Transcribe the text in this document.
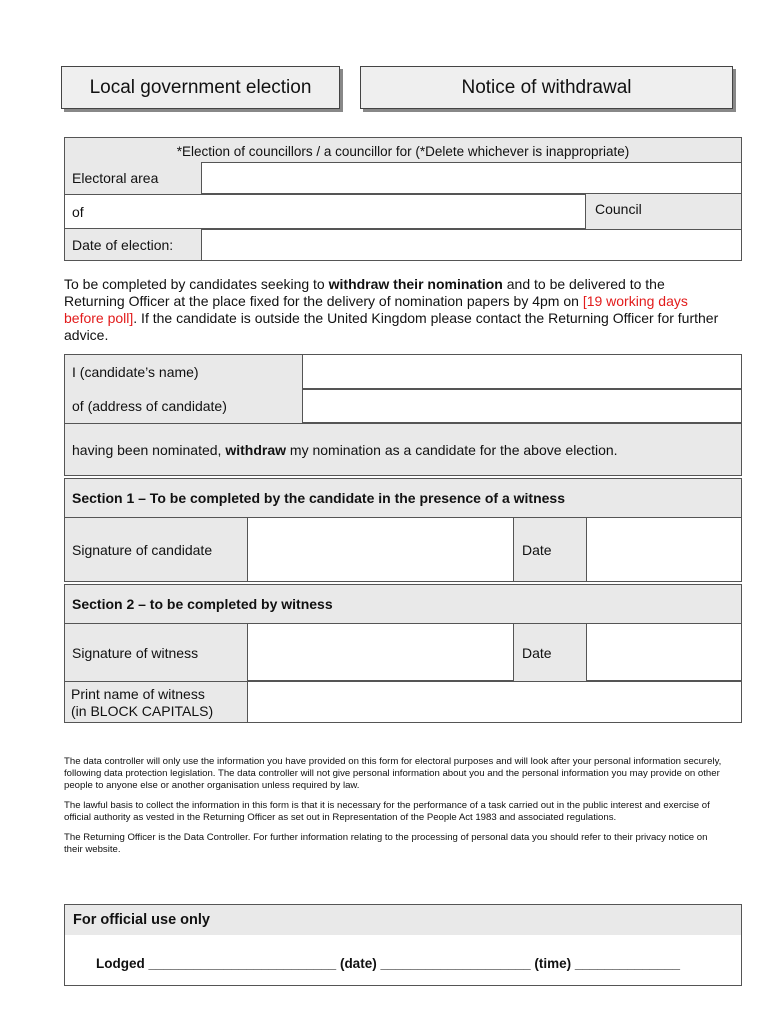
Local government election	Notice of withdrawal
*Election of councillors / a councillor for (*Delete whichever is inappropriate)
Electoral area
of	Council
Date of election:
To be completed by candidates seeking to withdraw their nomination and to be delivered to the Returning Officer at the place fixed for the delivery of nomination papers by 4pm on [19 working days before poll]. If the candidate is outside the United Kingdom please contact the Returning Officer for further advice.
I (candidate’s name)
of (address of candidate)
having been nominated, withdraw my nomination as a candidate for the above election.
Section 1 – To be completed by the candidate in the presence of a witness
Signature of candidate	Date
Section 2 – to be completed by witness
Signature of witness	Date
Print name of witness
(in BLOCK CAPITALS)
The data controller will only use the information you have provided on this form for electoral purposes and will look after your personal information securely, following data protection legislation. The data controller will not give personal information about you and the personal information you may provide on other people to anyone else or another organisation unless required by law.
The lawful basis to collect the information in this form is that it is necessary for the performance of a task carried out in the public interest and exercise of official authority as vested in the Returning Officer as set out in Representation of the People Act 1983 and associated regulations.
The Returning Officer is the Data Controller. For further information relating to the processing of personal data you should refer to their privacy notice on their website.
For official use only
Lodged _________________________ (date) ____________________ (time) ______________
